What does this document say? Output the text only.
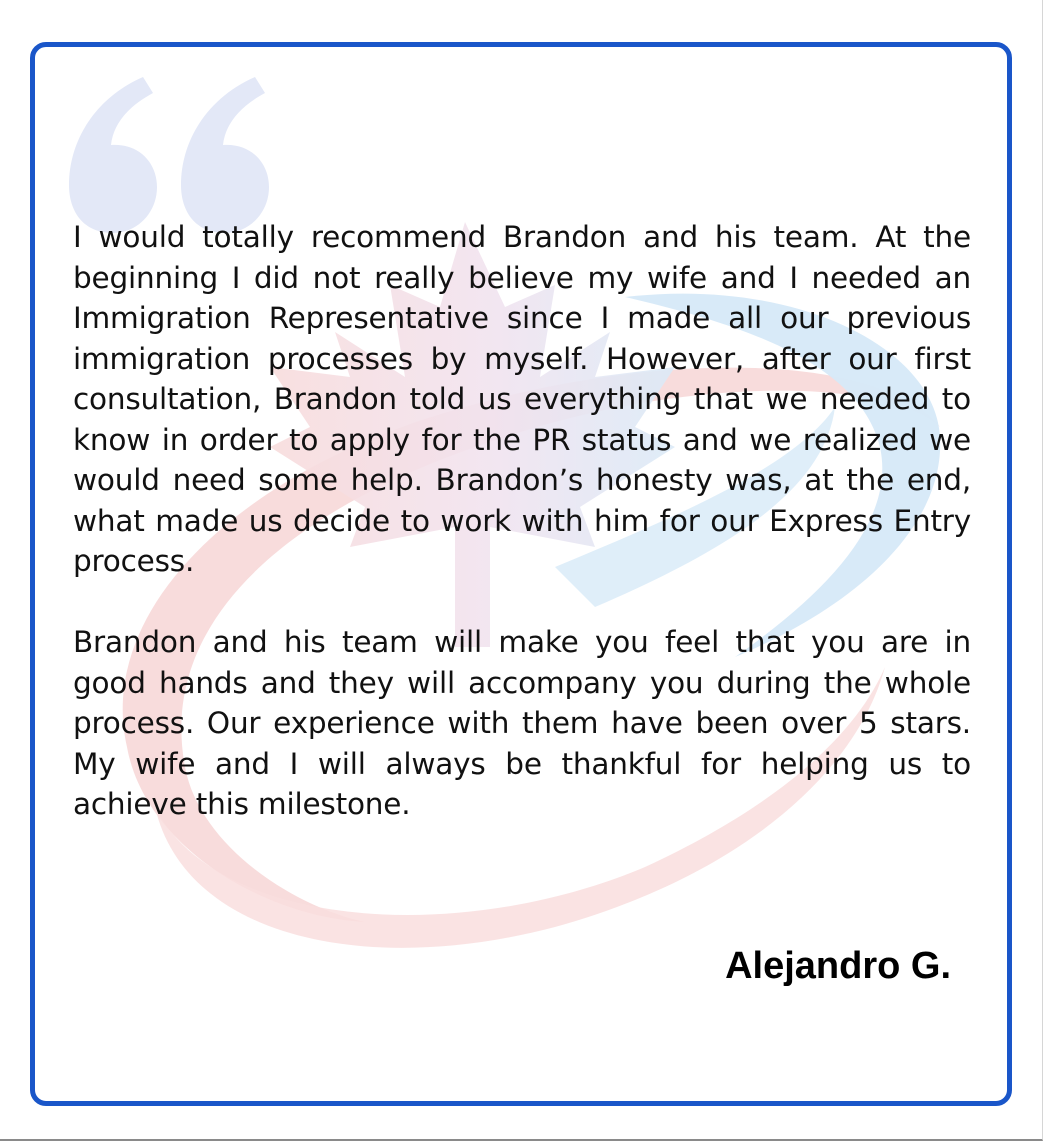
I would totally recommend Brandon and his team. At the beginning I did not really believe my wife and I needed an Immigration Representative since I made all our previous immigration processes by myself. However, after our first consultation, Brandon told us everything that we needed to know in order to apply for the PR status and we realized we would need some help. Brandon’s honesty was, at the end, what made us decide to work with him for our Express Entry process.

Brandon and his team will make you feel that you are in good hands and they will accompany you during the whole process. Our experience with them have been over 5 stars. My wife and I will always be thankful for helping us to achieve this milestone.

Alejandro G.
